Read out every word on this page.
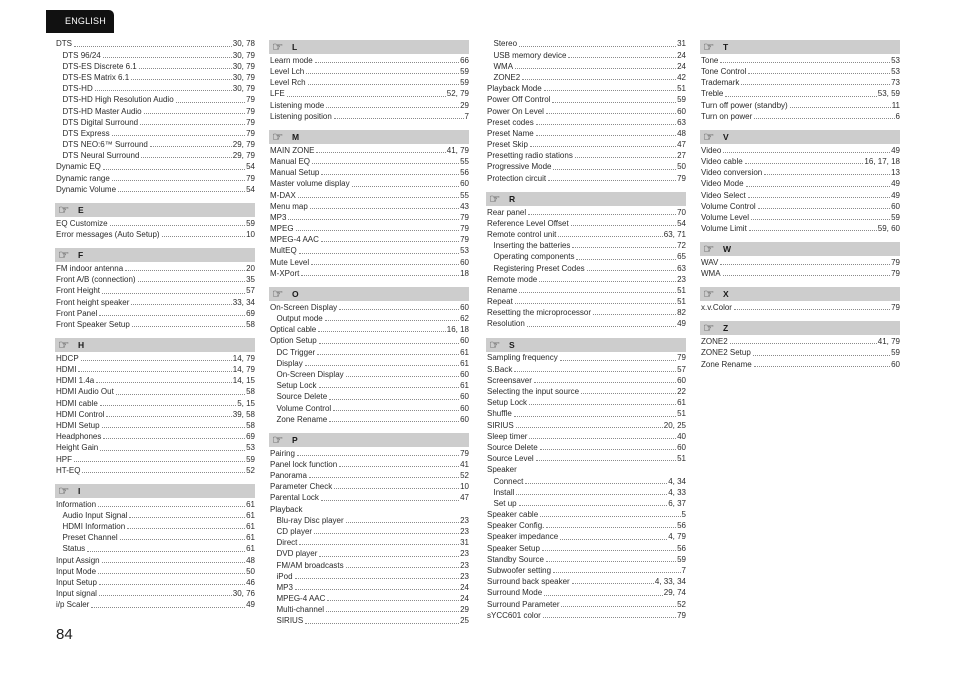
ENGLISH
DTS	30, 78
DTS 96/24	30, 79
DTS-ES Discrete 6.1	30, 79
DTS-ES Matrix 6.1	30, 79
DTS-HD	30, 79
DTS-HD High Resolution Audio	79
DTS-HD Master Audio	79
DTS Digital Surround	79
DTS Express	79
DTS NEO:6™ Surround	29, 79
DTS Neural Surround	29, 79
Dynamic EQ	54
Dynamic range	79
Dynamic Volume	54
☞
E
EQ Customize	59
Error messages (Auto Setup)	10
☞
F
FM indoor antenna	20
Front A/B (connection)	35
Front Height	57
Front height speaker	33, 34
Front Panel	69
Front Speaker Setup	58
☞
H
HDCP	14, 79
HDMI	14, 79
HDMI 1.4a	14, 15
HDMI Audio Out	58
HDMI cable	5, 15
HDMI Control	39, 58
HDMI Setup	58
Headphones	69
Height Gain	53
HPF	59
HT-EQ	52
☞
I
Information	61
Audio Input Signal	61
HDMI Information	61
Preset Channel	61
Status	61
Input Assign	48
Input Mode	50
Input Setup	46
Input signal	30, 76
i/p Scaler	49
☞
L
Learn mode	66
Level Lch	59
Level Rch	59
LFE	52, 79
Listening mode	29
Listening position	7
☞
M
MAIN ZONE	41, 79
Manual EQ	55
Manual Setup	56
Master volume display	60
M-DAX	55
Menu map	43
MP3	79
MPEG	79
MPEG-4 AAC	79
MultEQ	53
Mute Level	60
M-XPort	18
☞
O
On-Screen Display	60
Output mode	62
Optical cable	16, 18
Option Setup	60
DC Trigger	61
Display	61
On-Screen Display	60
Setup Lock	61
Source Delete	60
Volume Control	60
Zone Rename	60
☞
P
Pairing	79
Panel lock function	41
Panorama	52
Parameter Check	10
Parental Lock	47
Playback
Blu-ray Disc player	23
CD player	23
Direct	31
DVD player	23
FM/AM broadcasts	23
iPod	23
MP3	24
MPEG-4 AAC	24
Multi-channel	29
SIRIUS	25
Stereo	31
USB memory device	24
WMA	24
ZONE2	42
Playback Mode	51
Power Off Control	59
Power On Level	60
Preset codes	63
Preset Name	48
Preset Skip	47
Presetting radio stations	27
Progressive Mode	50
Protection circuit	79
☞
R
Rear panel	70
Reference Level Offset	54
Remote control unit	63, 71
Inserting the batteries	72
Operating components	65
Registering Preset Codes	63
Remote mode	23
Rename	51
Repeat	51
Resetting the microprocessor	82
Resolution	49
☞
S
Sampling frequency	79
S.Back	57
Screensaver	60
Selecting the input source	22
Setup Lock	61
Shuffle	51
SIRIUS	20, 25
Sleep timer	40
Source Delete	60
Source Level	51
Speaker
Connect	4, 34
Install	4, 33
Set up	6, 37
Speaker cable	5
Speaker Config.	56
Speaker impedance	4, 79
Speaker Setup	56
Standby Source	59
Subwoofer setting	7
Surround back speaker	4, 33, 34
Surround Mode	29, 74
Surround Parameter	52
sYCC601 color	79
☞
T
Tone	53
Tone Control	53
Trademark	73
Treble	53, 59
Turn off power (standby)	11
Turn on power	6
☞
V
Video	49
Video cable	16, 17, 18
Video conversion	13
Video Mode	49
Video Select	49
Volume Control	60
Volume Level	59
Volume Limit	59, 60
☞
W
WAV	79
WMA	79
☞
X
x.v.Color	79
☞
Z
ZONE2	41, 79
ZONE2 Setup	59
Zone Rename	60
84
